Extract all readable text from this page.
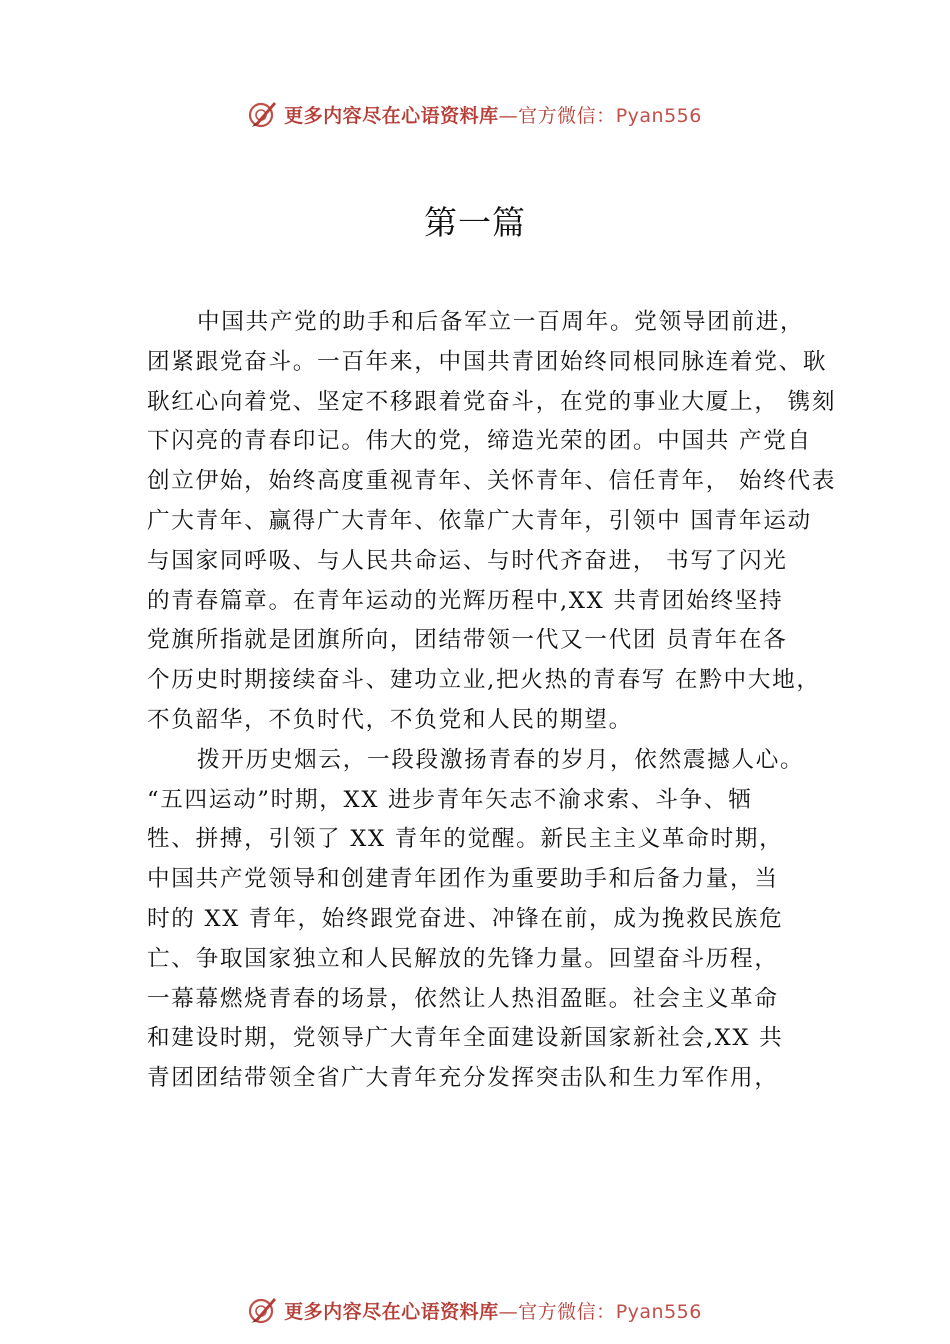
更多内容尽在心语资料库—官方微信：Pyan556
第一篇
中国共产党的助手和后备军立一百周年。党领导团前进，
团紧跟党奋斗。一百年来，中国共青团始终同根同脉连着党、耿
耿红心向着党、坚定不移跟着党奋斗，在党的事业大厦上， 镌刻
下闪亮的青春印记。伟大的党，缔造光荣的团。中国共 产党自
创立伊始，始终高度重视青年、关怀青年、信任青年， 始终代表
广大青年、赢得广大青年、依靠广大青年，引领中 国青年运动
与国家同呼吸、与人民共命运、与时代齐奋进， 书写了闪光
的青春篇章。在青年运动的光辉历程中,XX 共青团始终坚持
党旗所指就是团旗所向，团结带领一代又一代团 员青年在各
个历史时期接续奋斗、建功立业,把火热的青春写 在黔中大地，
不负韶华，不负时代，不负党和人民的期望。
拨开历史烟云，一段段激扬青春的岁月，依然震撼人心。
“五四运动”时期，XX 进步青年矢志不渝求索、斗争、牺
牲、拼搏，引领了 XX 青年的觉醒。新民主主义革命时期，
中国共产党领导和创建青年团作为重要助手和后备力量，当
时的 XX 青年，始终跟党奋进、冲锋在前，成为挽救民族危
亡、争取国家独立和人民解放的先锋力量。回望奋斗历程，
一幕幕燃烧青春的场景，依然让人热泪盈眶。社会主义革命
和建设时期，党领导广大青年全面建设新国家新社会,XX 共
青团团结带领全省广大青年充分发挥突击队和生力军作用，
更多内容尽在心语资料库—官方微信：Pyan556
